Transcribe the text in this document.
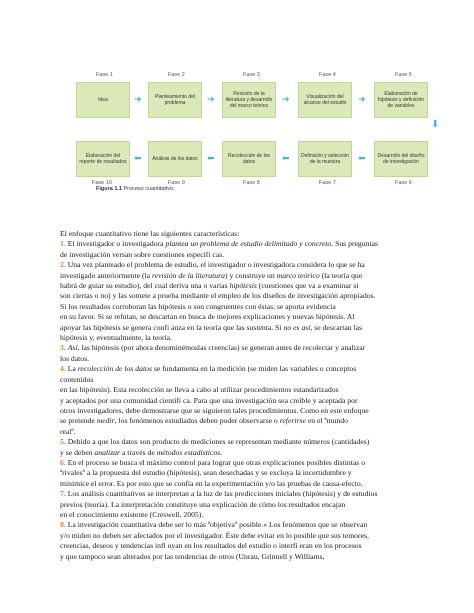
Fase 1	Fase 2	Fase 3	Fase 4	Fase 5
Idea	Planteamiento del problema
Revisión de la literatura y desarrollo del marco teórico
Visualización del alcance del estudio
Elaboración de hipótesis y definición de variables
➜	➜	➜	➜
⬇
Elaboración del reporte de resultados	Análisis de los datos	Recolección de los datos
Definición y selección de la muestra
Desarrollo del diseño de investigación
⬅	⬅	⬅	⬅
Fase 10	Fase 9	Fase 8	Fase 7	Fase 6
Figura 1.1 Proceso cuantitativo.

El enfoque cuantitativo tiene las siguientes características:

1. El investigador o investigadora plantea un problema de estudio delimitado y concreto. Sus preguntas

de investigación versan sobre cuestiones específi cas.

2. Una vez planteado el problema de estudio, el investigador o investigadora considera lo que se ha

investigado anteriormente (la revisión de la literatura) y construye un marco teórico (la teoría que

habrá de guiar su estudio), del cual deriva una o varias hipótesis (cuestiones que va a examinar si

son ciertas o no) y las somete a prueba mediante el empleo de los diseños de investigación apropiados.

Si los resultados corroboran las hipótesis o son congruentes con éstas, se aporta evidencia

en su favor. Si se refutan, se descartan en busca de mejores explicaciones y nuevas hipótesis. Al

apoyar las hipótesis se genera confi anza en la teoría que las sustenta. Si no es así, se descartan las

hipótesis y, eventualmente, la teoría.

3. Así, las hipótesis (por ahora denominémoslas creencias) se generan antes de recolectar y analizar

los datos.

4. La recolección de los datos se fundamenta en la medición (se miden las variables o conceptos

contenidos

en las hipótesis). Esta recolección se lleva a cabo al utilizar procedimientos estandarizados

y aceptados por una comunidad científi ca. Para que una investigación sea creíble y aceptada por

otros investigadores, debe demostrarse que se siguieron tales procedimientos. Como en este enfoque

se pretende medir, los fenómenos estudiados deben poder observarse o referirse en el ªmundo

realº.

5. Debido a que los datos son producto de mediciones se representan mediante números (cantidades)

y se deben analizar a través de métodos estadísticos.

6. En el proceso se busca el máximo control para lograr que otras explicaciones posibles distintas o

ªrivalesº a la propuesta del estudio (hipótesis), sean desechadas y se excluya la incertidumbre y

minimice el error. Es por esto que se confía en la experimentación y/o las pruebas de causa-efecto.

7. Los análisis cuantitativos se interpretan a la luz de las predicciones iniciales (hipótesis) y de estudios

previos (teoría). La interpretación constituye una explicación de cómo los resultados encajan

en el conocimiento existente (Creswell, 2005).

8. La investigación cuantitativa debe ser lo más ªobjetivaº posible.« Los fenómenos que se observan

y/o miden no deben ser afectados por el investigador. Éste debe evitar en lo posible que sus temores,

creencias, deseos y tendencias infl uyan en los resultados del estudio o interfi eran en los procesos

y que tampoco sean alterados por las tendencias de otros (Unrau, Grinnell y Williams,
